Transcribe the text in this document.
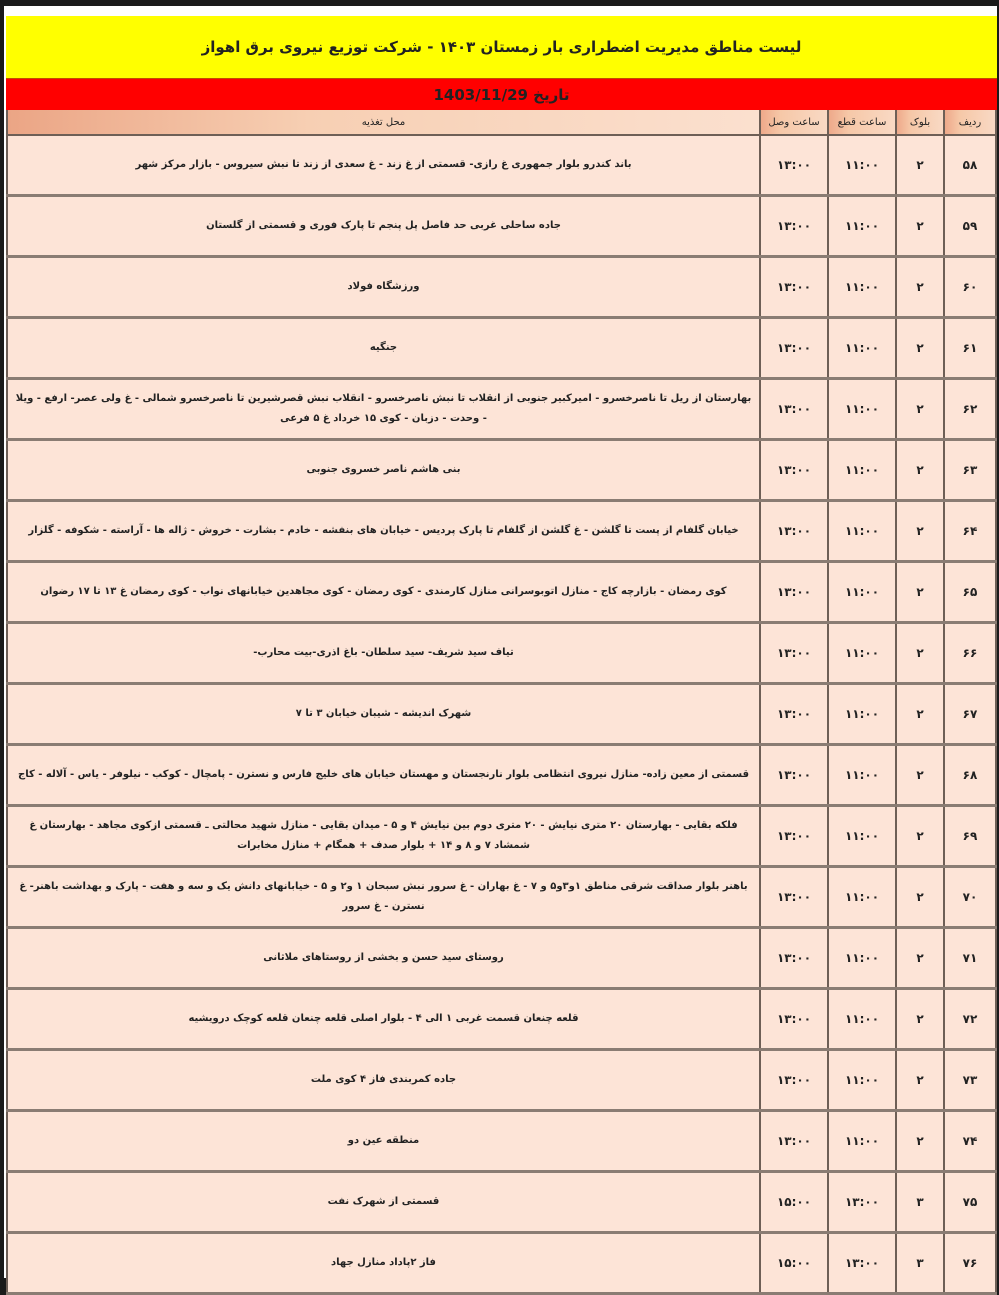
لیست مناطق مدیریت اضطراری بار زمستان ۱۴۰۳ - شرکت توزیع نیروی برق اهواز
تاریخ 1403/11/29
ردیف	بلوک	ساعت قطع	ساعت وصل	محل تغذیه
۵۸	۲	۱۱:۰۰	۱۳:۰۰	باند کندرو بلوار جمهوری غ رازی- قسمتی از غ زند - غ سعدی از زند تا نبش سیروس - بازار مرکز شهر
۵۹	۲	۱۱:۰۰	۱۳:۰۰	جاده ساحلی غربی حد فاصل پل پنجم تا پارک فوری و قسمتی از گلستان
۶۰	۲	۱۱:۰۰	۱۳:۰۰	ورزشگاه فولاد
۶۱	۲	۱۱:۰۰	۱۳:۰۰	جنگیه
۶۲	۲	۱۱:۰۰	۱۳:۰۰	بهارستان از ریل تا ناصرخسرو - امیرکبیر جنوبی از انقلاب تا نبش ناصرخسرو - انقلاب نبش قصرشیرین تا ناصرخسرو شمالی - غ ولی عصر- ارفع - ویلا - وحدت - دزبان - کوی ۱۵ خرداد غ ۵ فرعی
۶۳	۲	۱۱:۰۰	۱۳:۰۰	بنی هاشم ناصر خسروی جنوبی
۶۴	۲	۱۱:۰۰	۱۳:۰۰	خیابان گلفام از پست تا گلشن - غ گلشن از گلفام تا پارک پردیس - خیابان های بنفشه - خادم - بشارت - خروش - ژاله ها - آراسته - شکوفه - گلزار
۶۵	۲	۱۱:۰۰	۱۳:۰۰	کوی رمضان - بازارچه کاج - منازل اتوبوسرانی منازل کارمندی - کوی رمضان - کوی مجاهدین خیابانهای نواب - کوی رمضان غ ۱۳ تا ۱۷ رضوان
۶۶	۲	۱۱:۰۰	۱۳:۰۰	تیاف سید شریف- سید سلطان- باغ اذری-بیت محارب-
۶۷	۲	۱۱:۰۰	۱۳:۰۰	شهرک اندیشه - شیبان خیابان ۳ تا ۷
۶۸	۲	۱۱:۰۰	۱۳:۰۰	قسمتی از معین زاده- منازل نیروی انتظامی بلوار نارنجستان و مهستان خیابان های خلیج فارس و نسترن - پامچال - کوکب - نیلوفر - یاس - آلاله - کاج
۶۹	۲	۱۱:۰۰	۱۳:۰۰	فلکه بقایی - بهارستان ۲۰ متری نیایش - ۲۰ متری دوم بین نیایش ۴ و ۵ - میدان بقایی - منازل شهید محالتی ـ قسمتی ازکوی مجاهد - بهارستان غ شمشاد ۷ و ۸ و ۱۴ + بلوار صدف + همگام + منازل مخابرات
۷۰	۲	۱۱:۰۰	۱۳:۰۰	باهنر بلوار صداقت شرقی مناطق ۱و۳و۵ و ۷ - غ بهاران - غ سرور نبش سبحان ۱ و۲ و ۵ - خیابانهای دانش یک و سه و هفت - پارک و بهداشت باهنر- غ نسترن - غ سرور
۷۱	۲	۱۱:۰۰	۱۳:۰۰	روستای سید حسن و بخشی از روستاهای ملاثانی
۷۲	۲	۱۱:۰۰	۱۳:۰۰	قلعه چنعان قسمت غربی ۱ الی ۴ - بلوار اصلی قلعه چنعان قلعه کوچک درویشیه
۷۳	۲	۱۱:۰۰	۱۳:۰۰	جاده کمربندی فاز ۴ کوی ملت
۷۴	۲	۱۱:۰۰	۱۳:۰۰	منطقه عین دو
۷۵	۳	۱۳:۰۰	۱۵:۰۰	قسمتی از شهرک نفت
۷۶	۳	۱۳:۰۰	۱۵:۰۰	فاز ۲پاداد منازل جهاد
